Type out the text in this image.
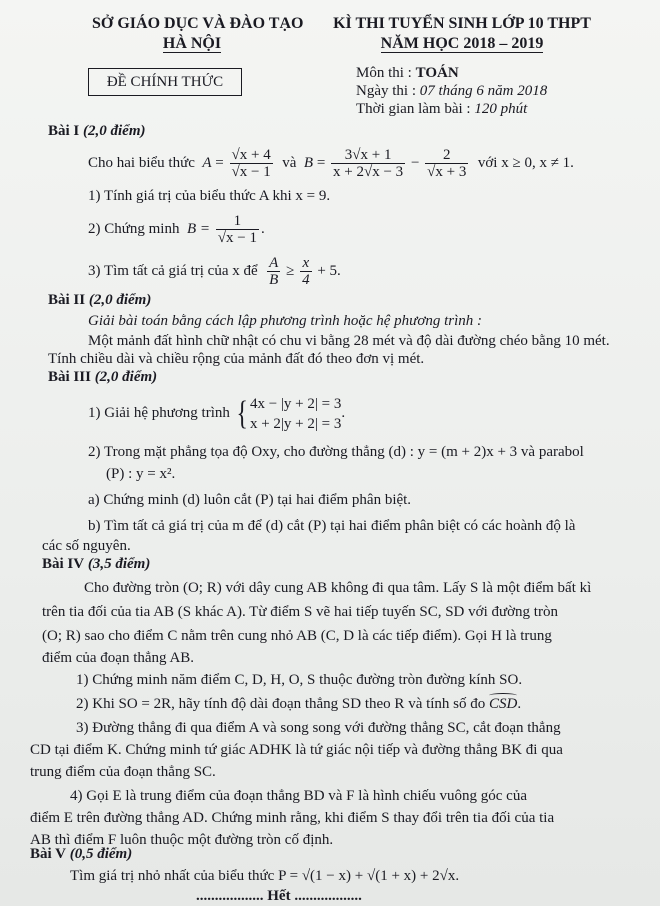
SỞ GIÁO DỤC VÀ ĐÀO TẠO
HÀ NỘI
KÌ THI TUYỂN SINH LỚP 10 THPT
NĂM HỌC 2018 – 2019
ĐỀ CHÍNH THỨC
Môn thi : TOÁN
Ngày thi : 07 tháng 6 năm 2018
Thời gian làm bài : 120 phút
Bài I (2,0 điểm)
Cho hai biểu thức $A = \frac{√x + 4}{√x - 1}$ và $B = \frac{3√x + 1}{x + 2√x - 3} - \frac{2}{√x + 3}$ với x ≥ 0, x ≠ 1.
1) Tính giá trị của biểu thức A khi x = 9.
2) Chứng minh $B = \frac{1}{√x - 1}$ .
3) Tìm tất cả giá trị của x để $\frac{A}{B} \ge \frac{x}{4} + 5$.
Bài II (2,0 điểm)
Giải bài toán bằng cách lập phương trình hoặc hệ phương trình :
Một mảnh đất hình chữ nhật có chu vi bằng 28 mét và độ dài đường chéo bằng 10 mét.
Tính chiều dài và chiều rộng của mảnh đất đó theo đơn vị mét.
Bài III (2,0 điểm)
1) Giải hệ phương trình { 4x − |y + 2| = 3
x + 2|y + 2| = 3
.
2) Trong mặt phẳng tọa độ Oxy, cho đường thẳng (d) : y = (m + 2)x + 3 và parabol
(P) : y = x².
a) Chứng minh (d) luôn cắt (P) tại hai điểm phân biệt.
b) Tìm tất cả giá trị của m để (d) cắt (P) tại hai điểm phân biệt có các hoành độ là
các số nguyên.
Bài IV (3,5 điểm)
Cho đường tròn (O; R) với dây cung AB không đi qua tâm. Lấy S là một điểm bất kì
trên tia đối của tia AB (S khác A). Từ điểm S vẽ hai tiếp tuyến SC, SD với đường tròn
(O; R) sao cho điểm C nằm trên cung nhỏ AB (C, D là các tiếp điểm). Gọi H là trung
điểm của đoạn thẳng AB.
1) Chứng minh năm điểm C, D, H, O, S thuộc đường tròn đường kính SO.
2) Khi SO = 2R, hãy tính độ dài đoạn thẳng SD theo R và tính số đo CSD.
3) Đường thẳng đi qua điểm A và song song với đường thẳng SC, cắt đoạn thẳng
CD tại điểm K. Chứng minh tứ giác ADHK là tứ giác nội tiếp và đường thẳng BK đi qua
trung điểm của đoạn thẳng SC.
4) Gọi E là trung điểm của đoạn thẳng BD và F là hình chiếu vuông góc của
điểm E trên đường thẳng AD. Chứng minh rằng, khi điểm S thay đổi trên tia đối của tia
AB thì điểm F luôn thuộc một đường tròn cố định.
Bài V (0,5 điểm)
Tìm giá trị nhỏ nhất của biểu thức P = √(1 − x) + √(1 + x) + 2√x.
.................. Hết ..................
